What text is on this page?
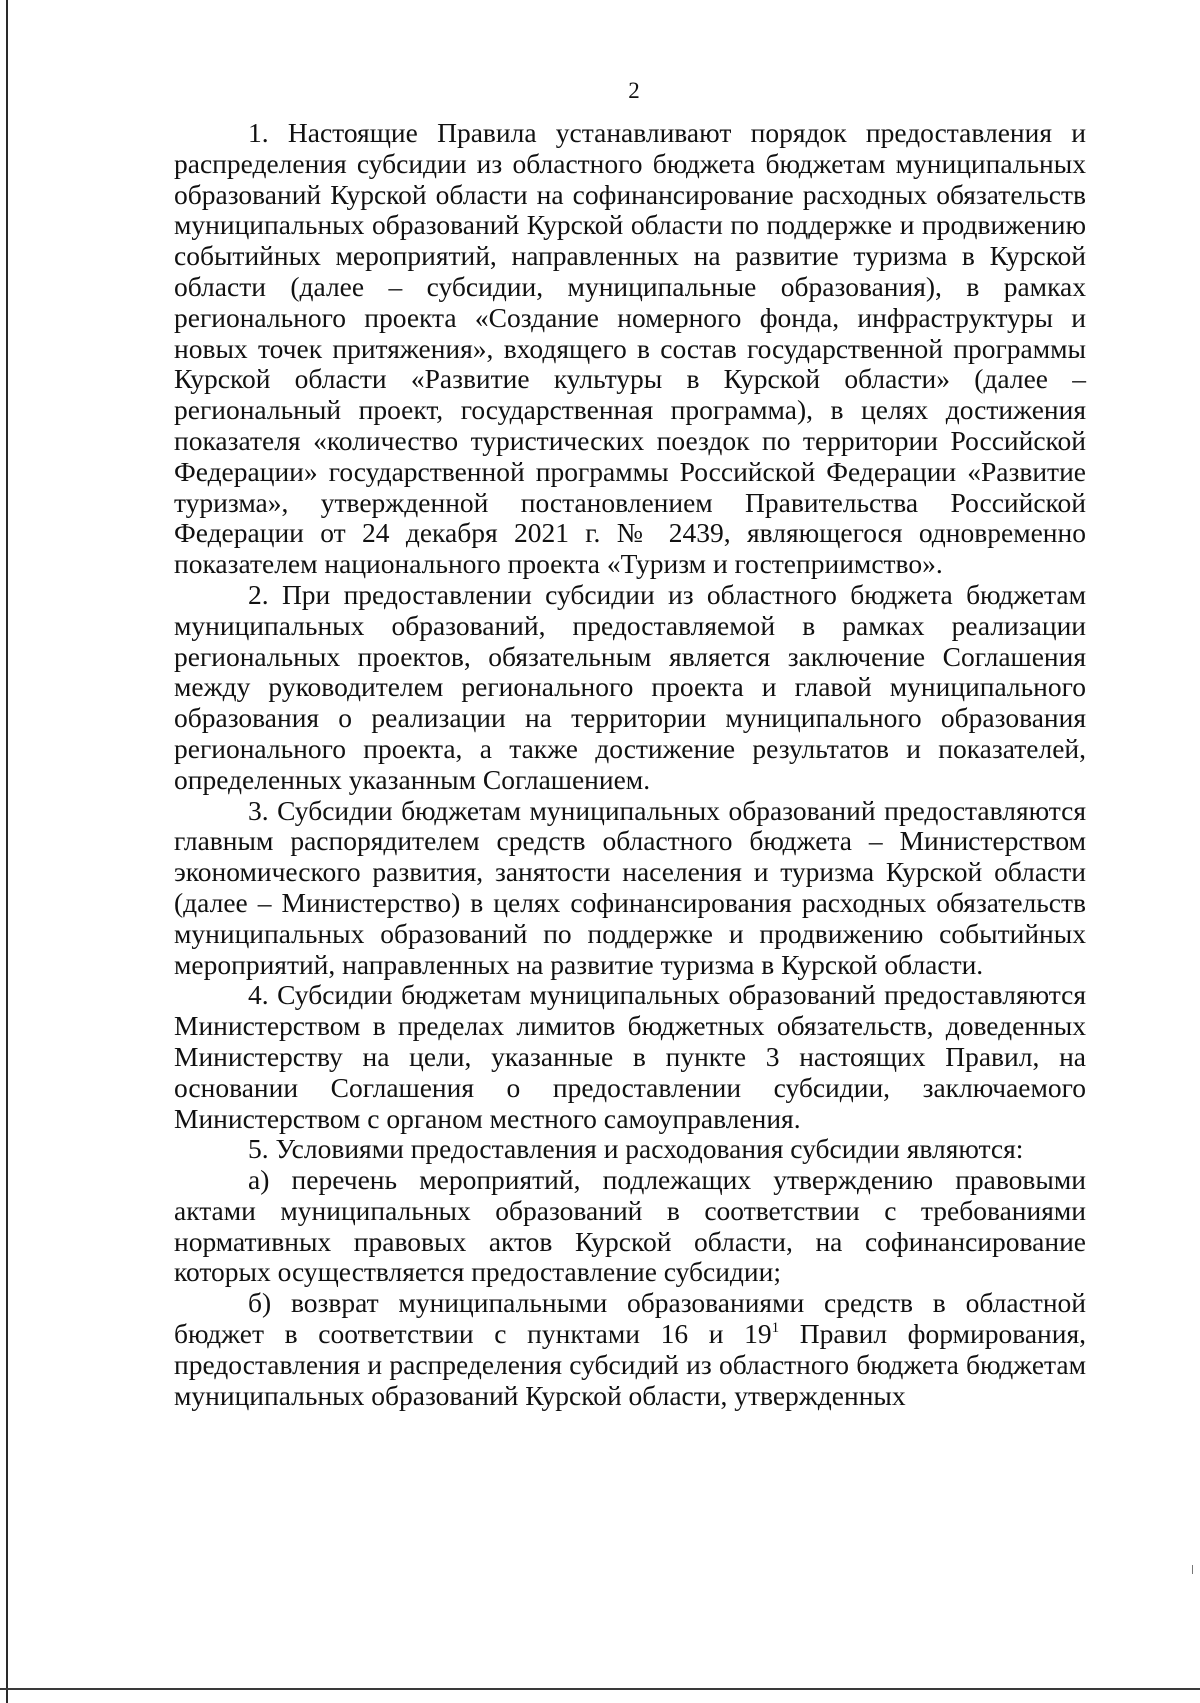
2

1. Настоящие Правила устанавливают порядок предоставления и распределения субсидии из областного бюджета бюджетам муниципальных образований Курской области на софинансирование расходных обязательств муниципальных образований Курской области по поддержке и продвижению событийных мероприятий, направленных на развитие туризма в Курской области (далее – субсидии, муниципальные образования), в рамках регионального проекта «Создание номерного фонда, инфраструктуры и новых точек притяжения», входящего в состав государственной программы Курской области «Развитие культуры в Курской области» (далее – региональный проект, государственная программа), в целях достижения показателя «количество туристических поездок по территории Российской Федерации» государственной программы Российской Федерации «Развитие туризма», утвержденной постановлением Правительства Российской Федерации от 24 декабря 2021 г. № 2439, являющегося одновременно показателем национального проекта «Туризм и гостеприимство».

2. При предоставлении субсидии из областного бюджета бюджетам муниципальных образований, предоставляемой в рамках реализации региональных проектов, обязательным является заключение Соглашения между руководителем регионального проекта и главой муниципального образования о реализации на территории муниципального образования регионального проекта, а также достижение результатов и показателей, определенных указанным Соглашением.

3. Субсидии бюджетам муниципальных образований предоставляются главным распорядителем средств областного бюджета – Министерством экономического развития, занятости населения и туризма Курской области (далее – Министерство) в целях софинансирования расходных обязательств муниципальных образований по поддержке и продвижению событийных мероприятий, направленных на развитие туризма в Курской области.

4. Субсидии бюджетам муниципальных образований предоставляются Министерством в пределах лимитов бюджетных обязательств, доведенных Министерству на цели, указанные в пункте 3 настоящих Правил, на основании Соглашения о предоставлении субсидии, заключаемого Министерством с органом местного самоуправления.

5. Условиями предоставления и расходования субсидии являются:

а) перечень мероприятий, подлежащих утверждению правовыми актами муниципальных образований в соответствии с требованиями нормативных правовых актов Курской области, на софинансирование которых осуществляется предоставление субсидии;

б) возврат муниципальными образованиями средств в областной бюджет в соответствии с пунктами 16 и $19^1$ Правил формирования, предоставления и распределения субсидий из областного бюджета бюджетам муниципальных образований Курской области, утвержденных
